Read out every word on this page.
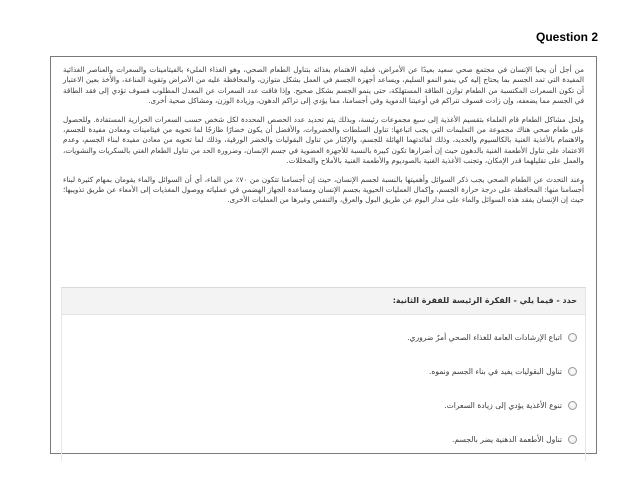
Question 2

من أجل أن يحيا الإنسان في مجتمع صحي سعيد بعيدًا عن الأمراض، فعليه الاهتمام بغذائه بتناول الطعام الصحي، وهو الغذاء المليء بالفيتامينات والسعرات والعناصر الغذائية المفيدة التي تمد الجسم بما يحتاج إليه كي ينمو النمو السليم، ويساعد أجهزة الجسم في العمل بشكل متوازن، والمحافظة عليه من الأمراض وتقوية المناعة، والأخذ بعين الاعتبار أن تكون السعرات المكتسبة من الطعام توازن الطاقة المستهلكة، حتى ينمو الجسم بشكل صحيح. وإذا فاقت عدد السعرات عن المعدل المطلوب فسوف تؤدي إلى فقد الطاقة في الجسم مما يضعفه، وإن زادت فسوف تتراكم في أوعيتنا الدموية وفي أجسامنا، مما يؤدي إلى تراكم الدهون، وزيادة الوزن، ومشاكل صحية أخرى.

ولحل مشاكل الطعام قام العلماء بتقسيم الأغذية إلى سبع مجموعات رئيسة، وبذلك يتم تحديد عدد الحصص المحددة لكل شخص حسب السعرات الحرارية المستفادة. وللحصول على طعام صحي هناك مجموعة من التعليمات التي يجب اتباعها: تناول السلطات والخضروات، والأفضل أن يكون خضارًا طازجًا لما تحويه من فيتامينات ومعادن مفيدة للجسم، والاهتمام بالأغذية الغنية بالكالسيوم والحديد، وذلك لفائدتهما الهائلة للجسم، والإكثار من تناول البقوليات والخضر الورقية، وذلك لما تحويه من معادن مفيدة لبناء الجسم، وعدم الاعتماد على تناول الأطعمة الغنية بالدهون حيث إن أضرارها تكون كبيرة بالنسبة للأجهزة العضوية في جسم الإنسان، وضرورة الحد من تناول الطعام الغني بالسكريات والنشويات، والعمل على تقليلهما قدر الإمكان، وتجنب الأغذية الغنية بالصوديوم والأطعمة الغنية بالأملاح والمخللات.

وعند التحدث عن الطعام الصحي يجب ذكر السوائل وأهميتها بالنسبة لجسم الإنسان، حيث إن أجسامنا تتكون من ٧٠٪ من الماء، أي أن السوائل والماء يقومان بمهام كثيرة لبناء أجسامنا منها: المحافظة على درجة حرارة الجسم، وإكمال العمليات الحيوية بجسم الإنسان ومساعدة الجهاز الهضمي في عملياته ووصول المغذيات إلى الأمعاء عن طريق تذويبها؛ حيث إن الإنسان يفقد هذه السوائل والماء على مدار اليوم عن طريق البول والعرق، والتنفس وغيرها من العمليات الأخرى.

حدد - فيما يلي - الفكرة الرئيسة للفقرة الثانية:
اتباع الإرشادات العامة للغذاء الصحي أمرٌ ضروري.
تناول البقوليات يفيد في بناء الجسم ونموه.
تنوع الأغذية يؤدي إلى زيادة السعرات.
تناول الأطعمة الدهنية يضر بالجسم.
